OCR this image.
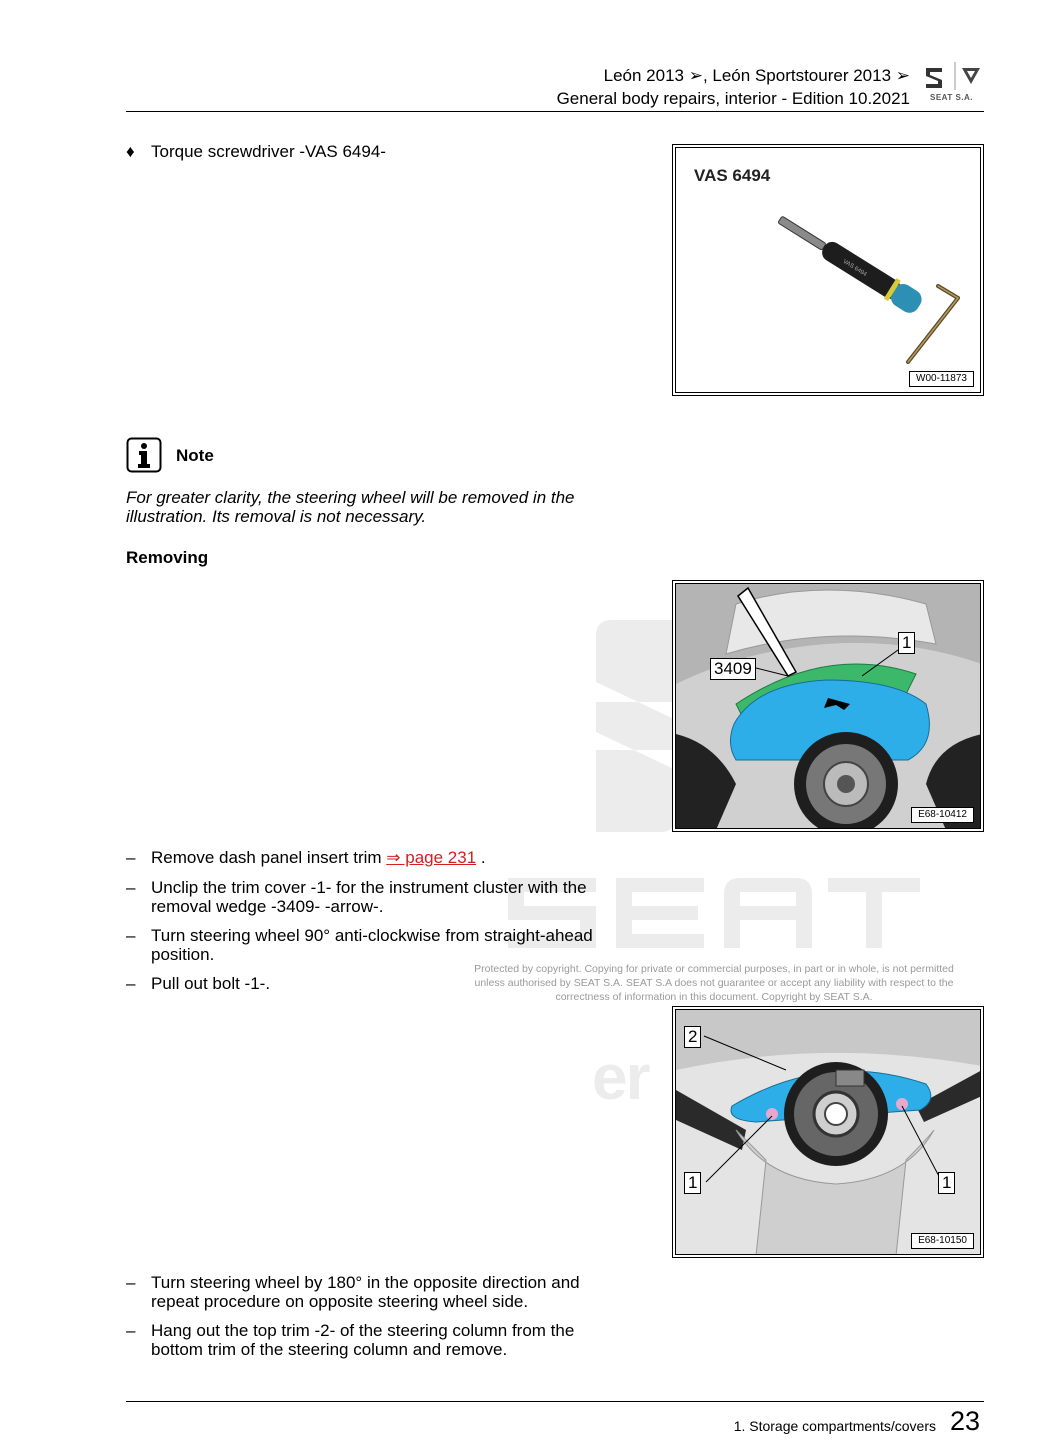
er
Protected by copyright. Copying for private or commercial purposes, in part or in whole, is not permitted unless authorised by SEAT S.A. SEAT S.A does not guarantee or accept any liability with respect to the correctness of information in this document. Copyright by SEAT S.A.
León 2013 ➢, León Sportstourer 2013 ➢
General body repairs, interior - Edition 10.2021	SEAT S.A.
♦ Torque screwdriver -VAS 6494-
VAS 6494
VAS 6494
W00-11873
Note
For greater clarity, the steering wheel will be removed in the illustration. Its removal is not necessary.
Removing
E68-10412
1
3409
– Remove dash panel insert trim ⇒ page 231 .
– Unclip the trim cover -1- for the instrument cluster with the removal wedge -3409- -arrow-.
– Turn steering wheel 90° anti-clockwise from straight-ahead position.
– Pull out bolt -1-.
E68-10150
2
1	1
– Turn steering wheel by 180° in the opposite direction and repeat procedure on opposite steering wheel side.
– Hang out the top trim -2- of the steering column from the bottom trim of the steering column and remove.
1. Storage compartments/covers 23
